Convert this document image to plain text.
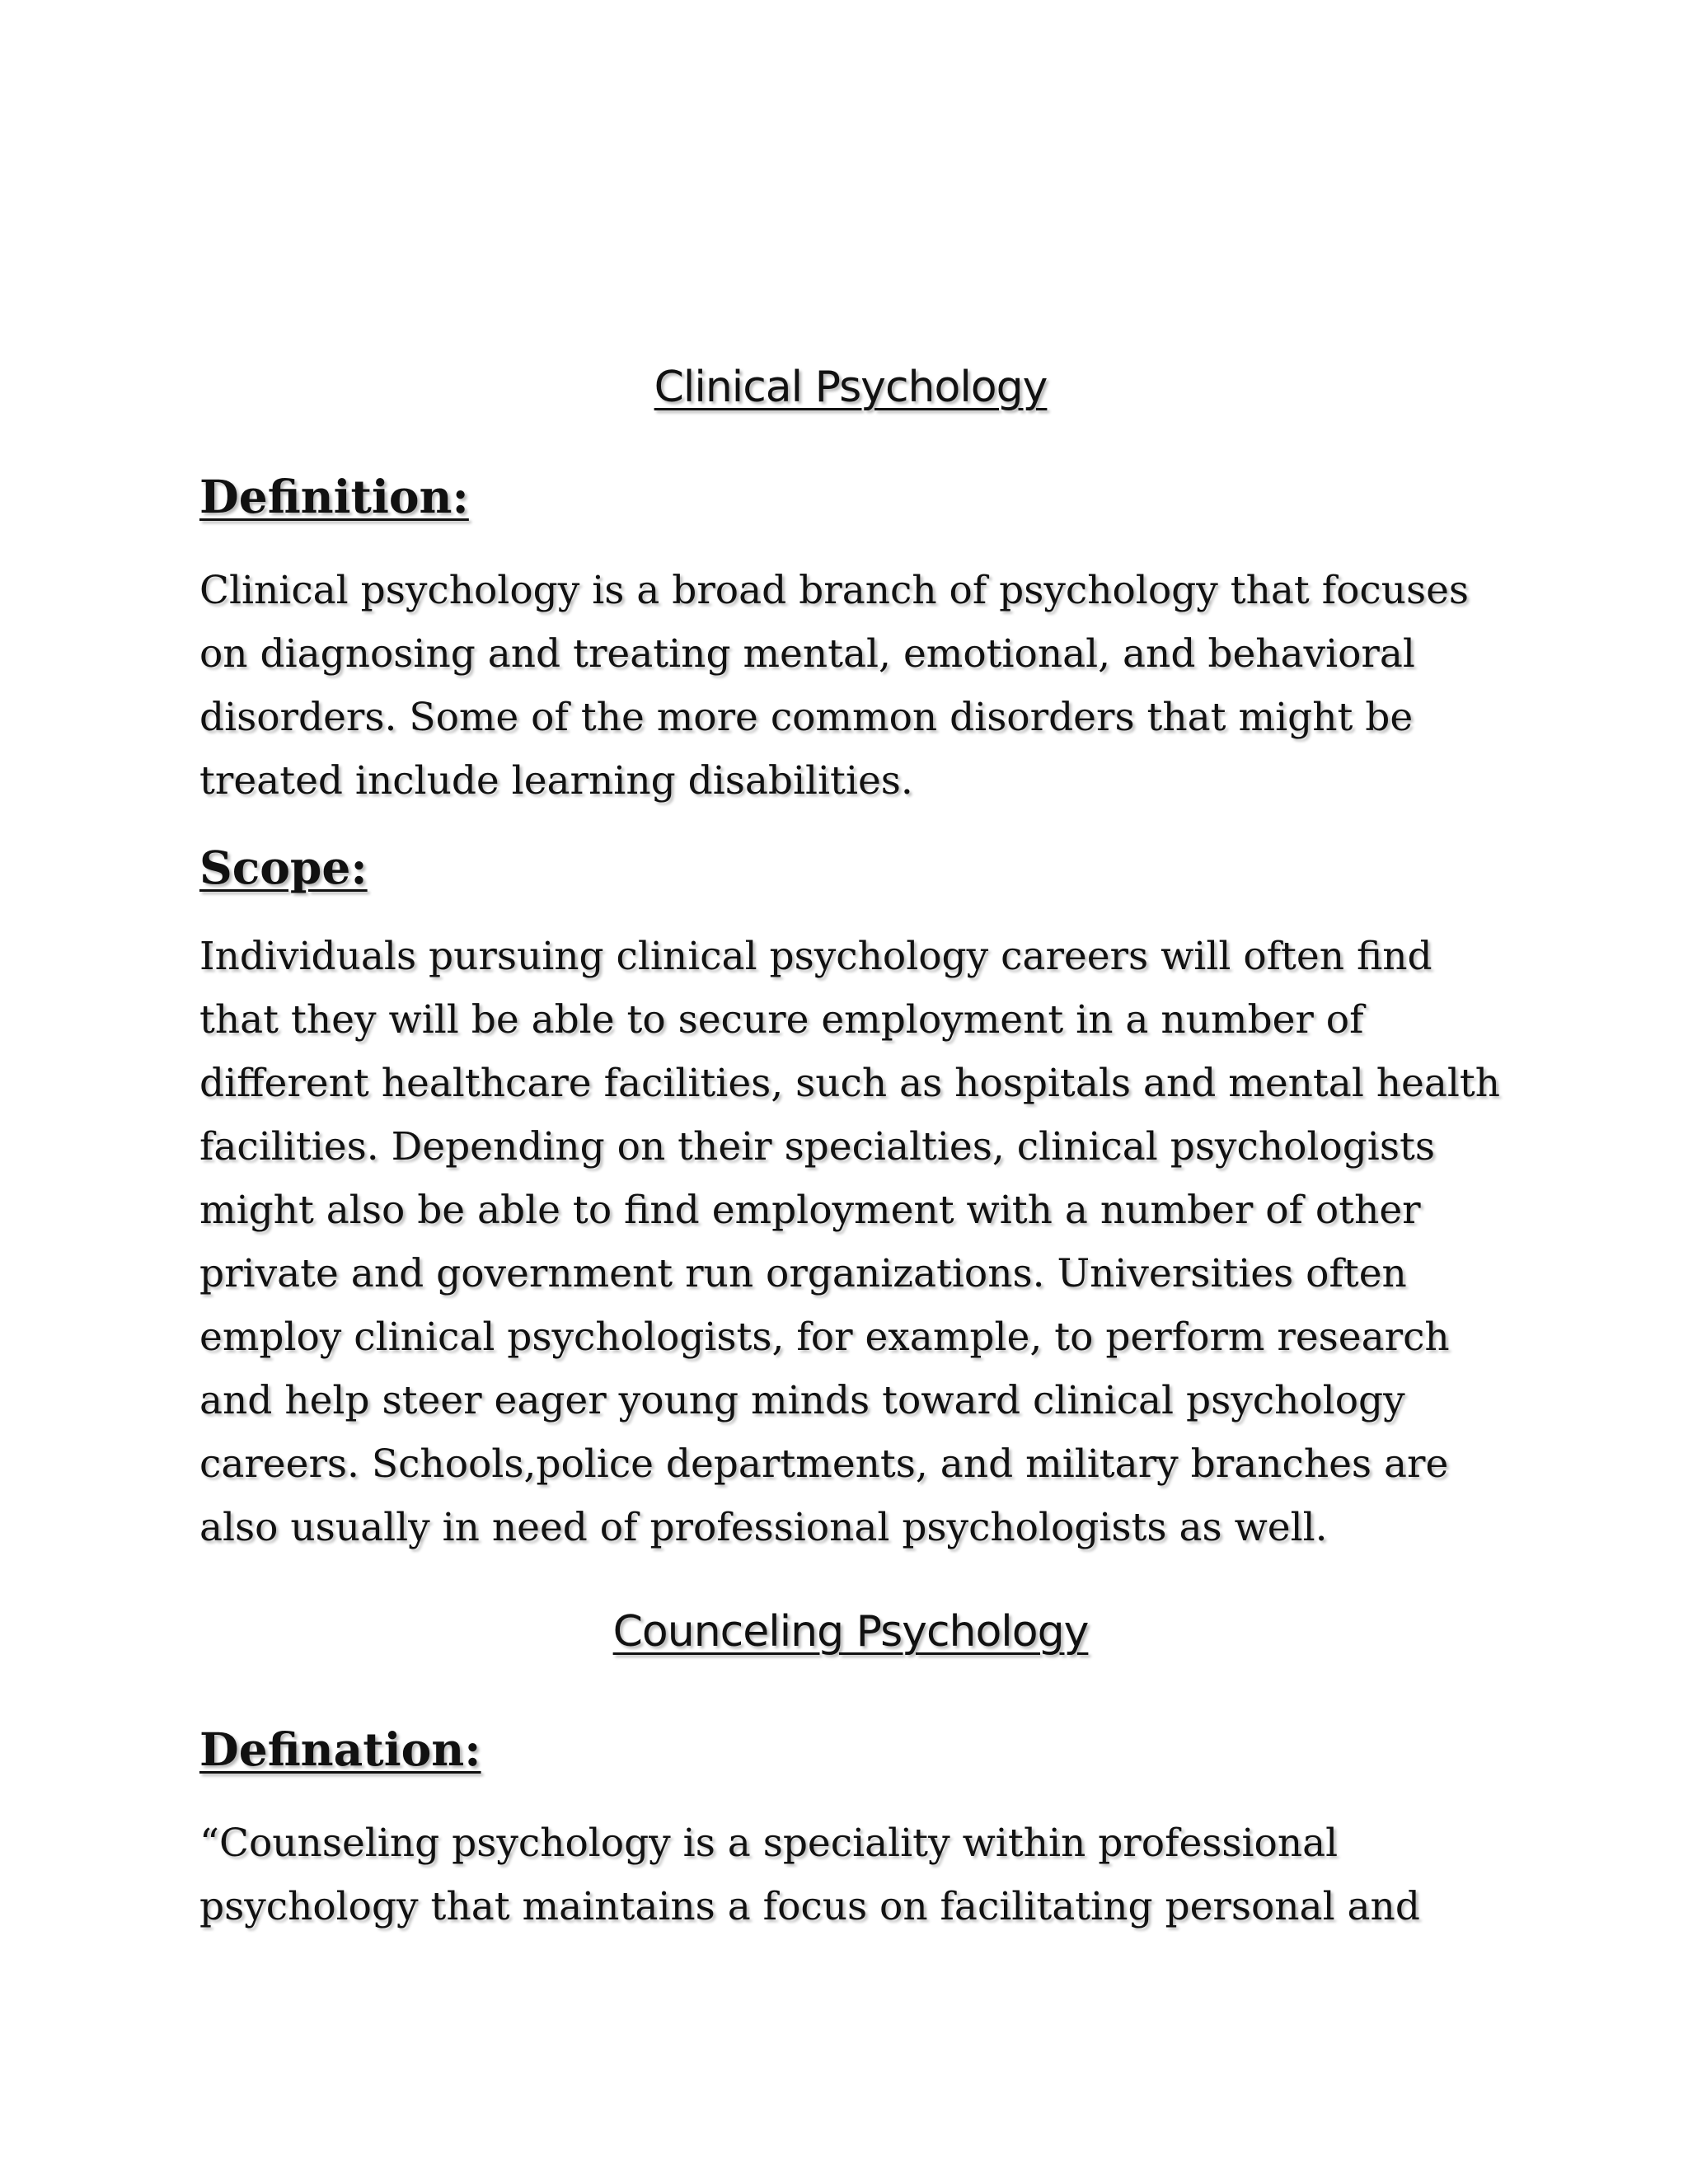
Clinical Psychology
Definition:

Clinical psychology is a broad branch of psychology that focuses
on diagnosing and treating mental, emotional, and behavioral
disorders. Some of the more common disorders that might be
treated include learning disabilities.

Scope:

Individuals pursuing clinical psychology careers will often find
that they will be able to secure employment in a number of
different healthcare facilities, such as hospitals and mental health
facilities. Depending on their specialties, clinical psychologists
might also be able to find employment with a number of other
private and government run organizations. Universities often
employ clinical psychologists, for example, to perform research
and help steer eager young minds toward clinical psychology
careers. Schools,police departments, and military branches are
also usually in need of professional psychologists as well.

Counceling Psychology
Defination:

“Counseling psychology is a speciality within professional
psychology that maintains a focus on facilitating personal and
